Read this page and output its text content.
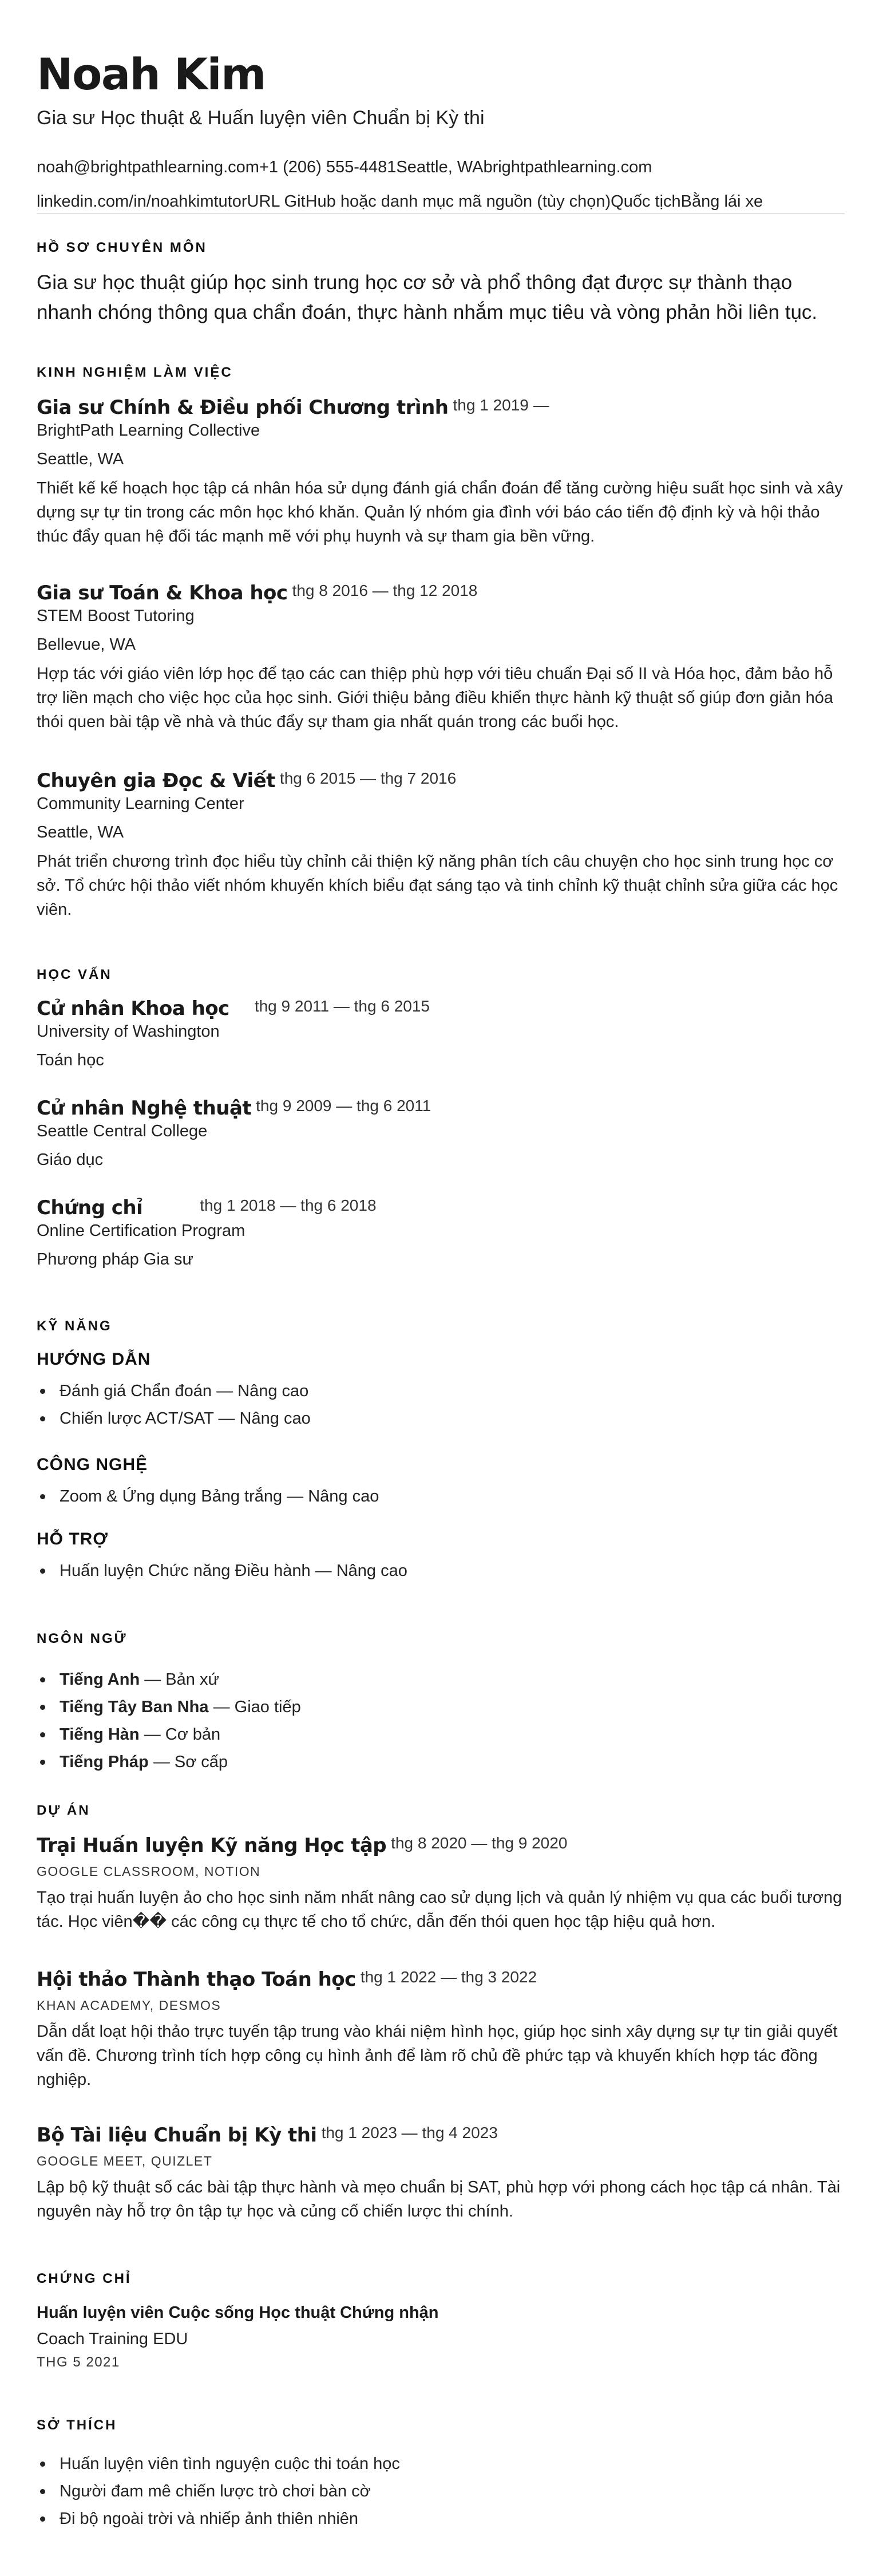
Noah Kim
Gia sư Học thuật & Huấn luyện viên Chuẩn bị Kỳ thi
noah@brightpathlearning.com+1 (206) 555-4481Seattle, WAbrightpathlearning.com
linkedin.com/in/noahkimtutorURL GitHub hoặc danh mục mã nguồn (tùy chọn)Quốc tịchBằng lái xe
HỒ SƠ CHUYÊN MÔN
Gia sư học thuật giúp học sinh trung học cơ sở và phổ thông đạt được sự thành thạo nhanh chóng thông qua chẩn đoán, thực hành nhắm mục tiêu và vòng phản hồi liên tục.
KINH NGHIỆM LÀM VIỆC
Gia sư Chính & Điều phối Chương trình thg 1 2019 —
BrightPath Learning Collective
Seattle, WA
Thiết kế kế hoạch học tập cá nhân hóa sử dụng đánh giá chẩn đoán để tăng cường hiệu suất học sinh và xây dựng sự tự tin trong các môn học khó khăn. Quản lý nhóm gia đình với báo cáo tiến độ định kỳ và hội thảo thúc đẩy quan hệ đối tác mạnh mẽ với phụ huynh và sự tham gia bền vững.
Gia sư Toán & Khoa học thg 8 2016 — thg 12 2018
STEM Boost Tutoring
Bellevue, WA
Hợp tác với giáo viên lớp học để tạo các can thiệp phù hợp với tiêu chuẩn Đại số II và Hóa học, đảm bảo hỗ trợ liền mạch cho việc học của học sinh. Giới thiệu bảng điều khiển thực hành kỹ thuật số giúp đơn giản hóa thói quen bài tập về nhà và thúc đẩy sự tham gia nhất quán trong các buổi học.
Chuyên gia Đọc & Viết thg 6 2015 — thg 7 2016
Community Learning Center
Seattle, WA
Phát triển chương trình đọc hiểu tùy chỉnh cải thiện kỹ năng phân tích câu chuyện cho học sinh trung học cơ sở. Tổ chức hội thảo viết nhóm khuyến khích biểu đạt sáng tạo và tinh chỉnh kỹ thuật chỉnh sửa giữa các học viên.
HỌC VẤN
Cử nhân Khoa học thg 9 2011 — thg 6 2015
University of Washington
Toán học
Cử nhân Nghệ thuật thg 9 2009 — thg 6 2011
Seattle Central College
Giáo dục
Chứng chỉ	thg 1 2018 — thg 6 2018
Online Certification Program
Phương pháp Gia sư
KỸ NĂNG
HƯỚNG DẪN
Đánh giá Chẩn đoán — Nâng cao
Chiến lược ACT/SAT — Nâng cao
CÔNG NGHỆ
Zoom & Ứng dụng Bảng trắng — Nâng cao
HỖ TRỢ
Huấn luyện Chức năng Điều hành — Nâng cao
NGÔN NGỮ
Tiếng Anh — Bản xứ
Tiếng Tây Ban Nha — Giao tiếp
Tiếng Hàn — Cơ bản
Tiếng Pháp — Sơ cấp
DỰ ÁN
Trại Huấn luyện Kỹ năng Học tập thg 8 2020 — thg 9 2020
GOOGLE CLASSROOM, NOTION
Tạo trại huấn luyện ảo cho học sinh năm nhất nâng cao sử dụng lịch và quản lý nhiệm vụ qua các buổi tương tác. Học viên�� các công cụ thực tế cho tổ chức, dẫn đến thói quen học tập hiệu quả hơn.
Hội thảo Thành thạo Toán học thg 1 2022 — thg 3 2022
KHAN ACADEMY, DESMOS
Dẫn dắt loạt hội thảo trực tuyến tập trung vào khái niệm hình học, giúp học sinh xây dựng sự tự tin giải quyết vấn đề. Chương trình tích hợp công cụ hình ảnh để làm rõ chủ đề phức tạp và khuyến khích hợp tác đồng nghiệp.
Bộ Tài liệu Chuẩn bị Kỳ thi thg 1 2023 — thg 4 2023
GOOGLE MEET, QUIZLET
Lập bộ kỹ thuật số các bài tập thực hành và mẹo chuẩn bị SAT, phù hợp với phong cách học tập cá nhân. Tài nguyên này hỗ trợ ôn tập tự học và củng cố chiến lược thi chính.
CHỨNG CHỈ
Huấn luyện viên Cuộc sống Học thuật Chứng nhận
Coach Training EDU
THG 5 2021
SỞ THÍCH
Huấn luyện viên tình nguyện cuộc thi toán học
Người đam mê chiến lược trò chơi bàn cờ
Đi bộ ngoài trời và nhiếp ảnh thiên nhiên
